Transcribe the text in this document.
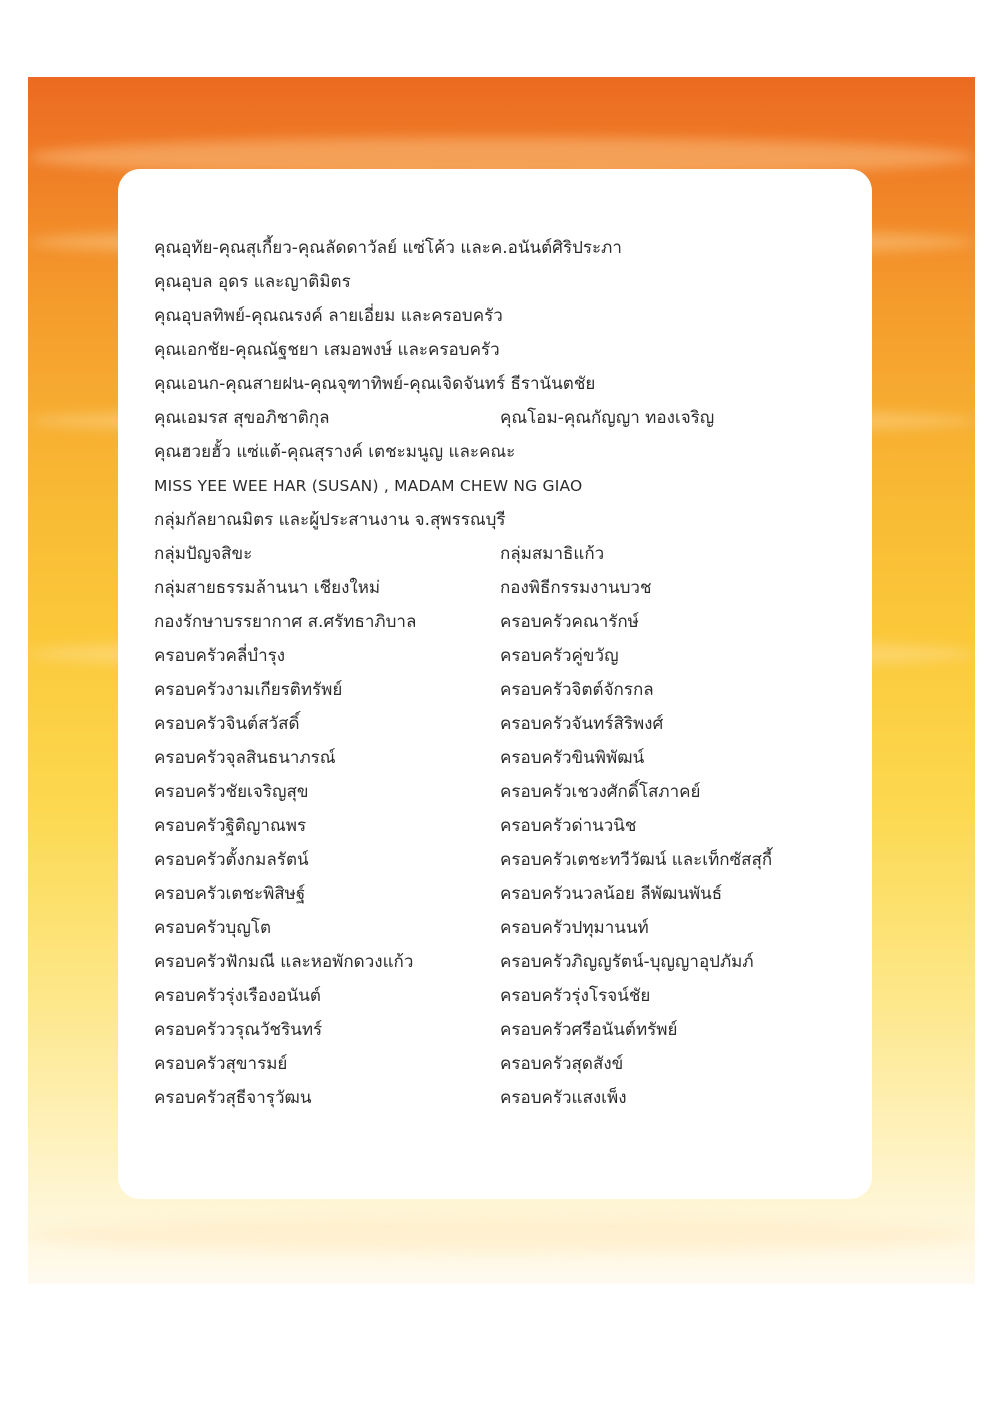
คุณอุทัย-คุณสุเกี้ยว-คุณลัดดาวัลย์ แซ่โค้ว และค.อนันต์ศิริประภา
คุณอุบล อุดร และญาติมิตร
คุณอุบลทิพย์-คุณณรงค์ ลายเอี่ยม และครอบครัว
คุณเอกชัย-คุณณัฐชยา เสมอพงษ์ และครอบครัว
คุณเอนก-คุณสายฝน-คุณจุฑาทิพย์-คุณเจิดจันทร์ ธีรานันตชัย
คุณเอมรส สุขอภิชาติกุล	คุณโอม-คุณกัญญา ทองเจริญ
คุณฮวยฮั้ว แซ่แต้-คุณสุรางค์ เตชะมนูญ และคณะ
MISS YEE WEE HAR (SUSAN) , MADAM CHEW NG GIAO
กลุ่มกัลยาณมิตร และผู้ประสานงาน จ.สุพรรณบุรี
กลุ่มปัญจสิขะ	กลุ่มสมาธิแก้ว
กลุ่มสายธรรมล้านนา เชียงใหม่	กองพิธีกรรมงานบวช
กองรักษาบรรยากาศ ส.ศรัทธาภิบาล	ครอบครัวคณารักษ์
ครอบครัวคลี่บำรุง	ครอบครัวคู่ขวัญ
ครอบครัวงามเกียรติทรัพย์	ครอบครัวจิตต์จักรกล
ครอบครัวจินต์สวัสดิ์	ครอบครัวจันทร์สิริพงศ์
ครอบครัวจุลสินธนาภรณ์	ครอบครัวขินพิพัฒน์
ครอบครัวชัยเจริญสุข	ครอบครัวเชวงศักดิ์โสภาคย์
ครอบครัวฐิติญาณพร	ครอบครัวด่านวนิช
ครอบครัวตั้งกมลรัตน์	ครอบครัวเตชะทวีวัฒน์ และเท็กซัสสุกี้
ครอบครัวเตชะพิสิษฐ์	ครอบครัวนวลน้อย ลีพัฒนพันธ์
ครอบครัวบุญโต	ครอบครัวปทุมานนท์
ครอบครัวฟักมณี และหอพักดวงแก้ว	ครอบครัวภิญญรัตน์-บุญญาอุปภัมภ์
ครอบครัวรุ่งเรืองอนันต์	ครอบครัวรุ่งโรจน์ชัย
ครอบครัววรุณวัชรินทร์	ครอบครัวศรีอนันต์ทรัพย์
ครอบครัวสุขารมย์	ครอบครัวสุดสังข์
ครอบครัวสุธีจารุวัฒน	ครอบครัวแสงเพ็ง
